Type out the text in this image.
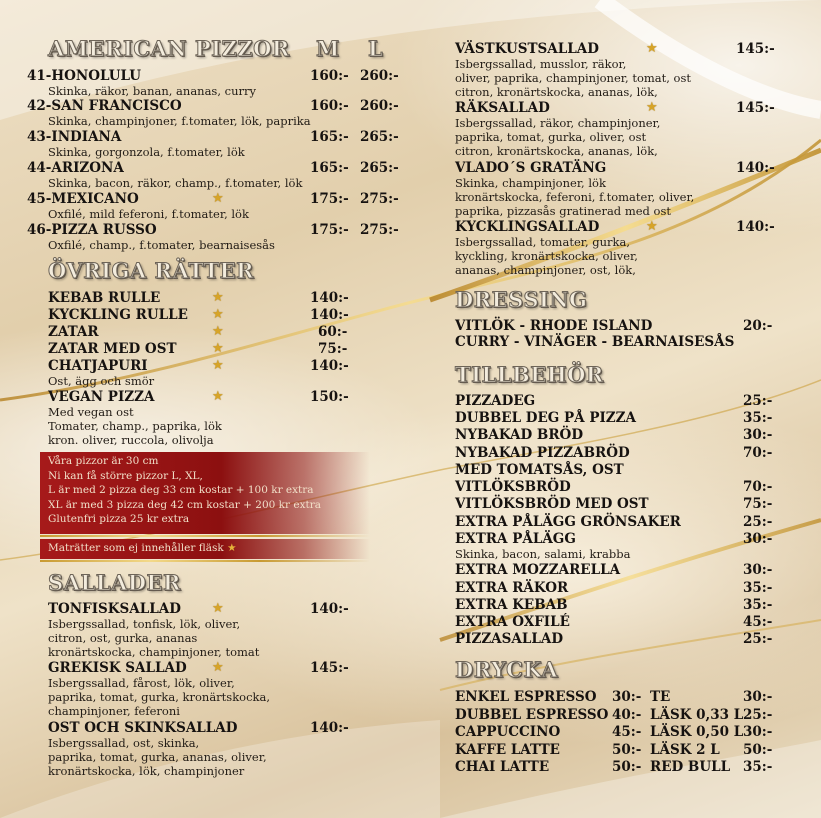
AMERICAN PIZZOR M L
41-HONOLULU	160:- 260:-
Skinka, räkor, banan, ananas, curry
42-SAN FRANCISCO	160:- 260:-
Skinka, champinjoner, f.tomater, lök, paprika
43-INDIANA	165:- 265:-
Skinka, gorgonzola, f.tomater, lök
44-ARIZONA	165:- 265:-
Skinka, bacon, räkor, champ., f.tomater, lök
45-MEXICANO	★	175:- 275:-
Oxfilé, mild feferoni, f.tomater, lök
46-PIZZA RUSSO	175:- 275:-
Oxfilé, champ., f.tomater, bearnaisesås
ÖVRIGA RÄTTER
KEBAB RULLE	★	140:-
KYCKLING RULLE ★	140:-
ZATAR	★	60:-
ZATAR MED OST	★	75:-
CHATJAPURI	★	140:-
Ost, ägg och smör
VEGAN PIZZA	★	150:-
Med vegan ost
Tomater, champ., paprika, lök
kron. oliver, ruccola, olivolja
Våra pizzor är 30 cm
Ni kan få större pizzor L, XL,
L är med 2 pizza deg 33 cm kostar + 100 kr extra
XL är med 3 pizza deg 42 cm kostar + 200 kr extra
Glutenfri pizza 25 kr extra
Maträtter som ej innehåller fläsk ★
SALLADER
TONFISKSALLAD ★	140:-
Isbergssallad, tonfisk, lök, oliver,
citron, ost, gurka, ananas
kronärtskocka, champinjoner, tomat
GREKISK SALLAD ★	145:-
Isbergssallad, fårost, lök, oliver,
paprika, tomat, gurka, kronärtskocka,
champinjoner, feferoni
OST OCH SKINKSALLAD	140:-
Isbergssallad, ost, skinka,
paprika, tomat, gurka, ananas, oliver,
kronärtskocka, lök, champinjoner
VÄSTKUSTSALLAD	★	145:-
Isbergssallad, musslor, räkor,
oliver, paprika, champinjoner, tomat, ost
citron, kronärtskocka, ananas, lök,
RÄKSALLAD	★	145:-
Isbergssallad, räkor, champinjoner,
paprika, tomat, gurka, oliver, ost
citron, kronärtskocka, ananas, lök,
VLADO´S GRATÄNG	140:-
Skinka, champinjoner, lök
kronärtskocka, feferoni, f.tomater, oliver,
paprika, pizzasås gratinerad med ost
KYCKLINGSALLAD	★	140:-
Isbergssallad, tomater, gurka,
kyckling, kronärtskocka, oliver,
ananas, champinjoner, ost, lök,
DRESSING
VITLÖK - RHODE ISLAND	20:-
CURRY - VINÄGER - BEARNAISESÅS
TILLBEHÖR
PIZZADEG	25:-
DUBBEL DEG PÅ PIZZA	35:-
NYBAKAD BRÖD	30:-
NYBAKAD PIZZABRÖD	70:-
MED TOMATSÅS, OST
VITLÖKSBRÖD	70:-
VITLÖKSBRÖD MED OST	75:-
EXTRA PÅLÄGG GRÖNSAKER	25:-
EXTRA PÅLÄGG	30:-
Skinka, bacon, salami, krabba
EXTRA MOZZARELLA	30:-
EXTRA RÄKOR	35:-
EXTRA KEBAB	35:-
EXTRA OXFILÉ	45:-
PIZZASALLAD	25:-
DRYCKA
ENKEL ESPRESSO 30:- TE	30:-
DUBBEL ESPRESSO 40:- LÄSK 0,33 L 25:-
CAPPUCCINO	45:- LÄSK 0,50 L 30:-
KAFFE LATTE	50:- LÄSK 2 L 50:-
CHAI LATTE	50:- RED BULL 35:-
